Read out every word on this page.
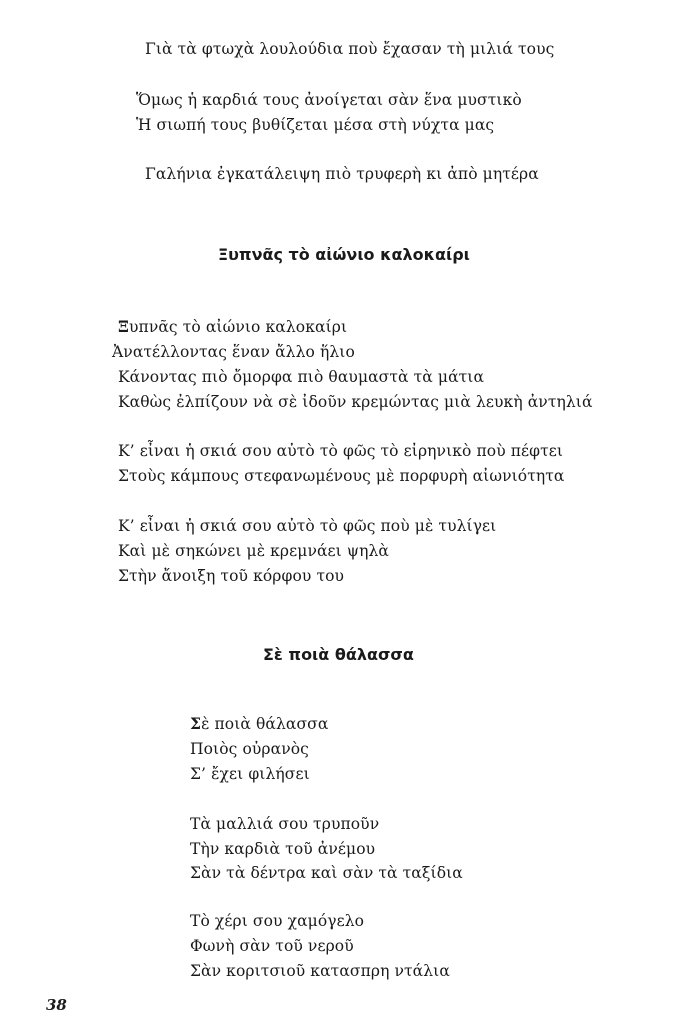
Γιὰ τὰ φτωχὰ λουλούδια ποὺ ἔχασαν τὴ μιλιά τους
Ὅμως ἡ καρδιά τους ἀνοίγεται σὰν ἕνα μυστικὸ
Ἡ σιωπή τους βυθίζεται μέσα στὴ νύχτα μας
Γαλήνια ἐγκατάλειψη πιὸ τρυφερὴ κι ἀπὸ μητέρα
Ξυπνᾶς τὸ αἰώνιο καλοκαίρι
Ξυπνᾶς τὸ αἰώνιο καλοκαίρι
Ἀνατέλλοντας ἕναν ἄλλο ἥλιο
Κάνοντας πιὸ ὄμορφα πιὸ θαυμαστὰ τὰ μάτια
Καθὼς ἐλπίζουν νὰ σὲ ἰδοῦν κρεμώντας μιὰ λευκὴ ἀντηλιά
Κ’ εἶναι ἡ σκιά σου αὐτὸ τὸ φῶς τὸ εἰρηνικὸ ποὺ πέφτει
Στοὺς κάμπους στεφανωμένους μὲ πορφυρὴ αἰωνιότητα
Κ’ εἶναι ἡ σκιά σου αὐτὸ τὸ φῶς ποὺ μὲ τυλίγει
Καὶ μὲ σηκώνει μὲ κρεμνάει ψηλὰ
Στὴν ἄνοιξη τοῦ κόρφου του
Σὲ ποιὰ θάλασσα
Σὲ ποιὰ θάλασσα
Ποιὸς οὐρανὸς
Σ’ ἔχει φιλήσει
Τὰ μαλλιά σου τρυποῦν
Τὴν καρδιὰ τοῦ ἀνέμου
Σὰν τὰ δέντρα καὶ σὰν τὰ ταξίδια
Τὸ χέρι σου χαμόγελο
Φωνὴ σὰν τοῦ νεροῦ
Σὰν κοριτσιοῦ κατασπρη ντάλια
38
